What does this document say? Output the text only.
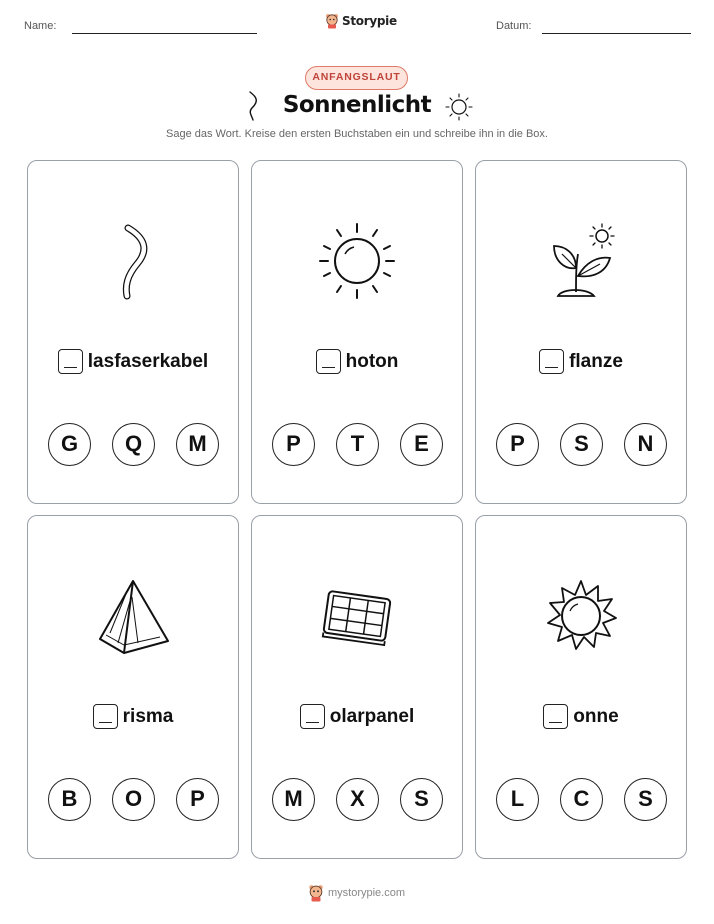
Name:	Storypie	Datum:
ANFANGSLAUT
Sonnenlicht
Sage das Wort. Kreise den ersten Buchstaben ein und schreibe ihn in die Box.
lasfaserkabel
G	Q	M
hoton
P	T	E
flanze
P	S	N
risma
B	O	P
olarpanel
M	X	S
onne
L	C	S
mystorypie.com
